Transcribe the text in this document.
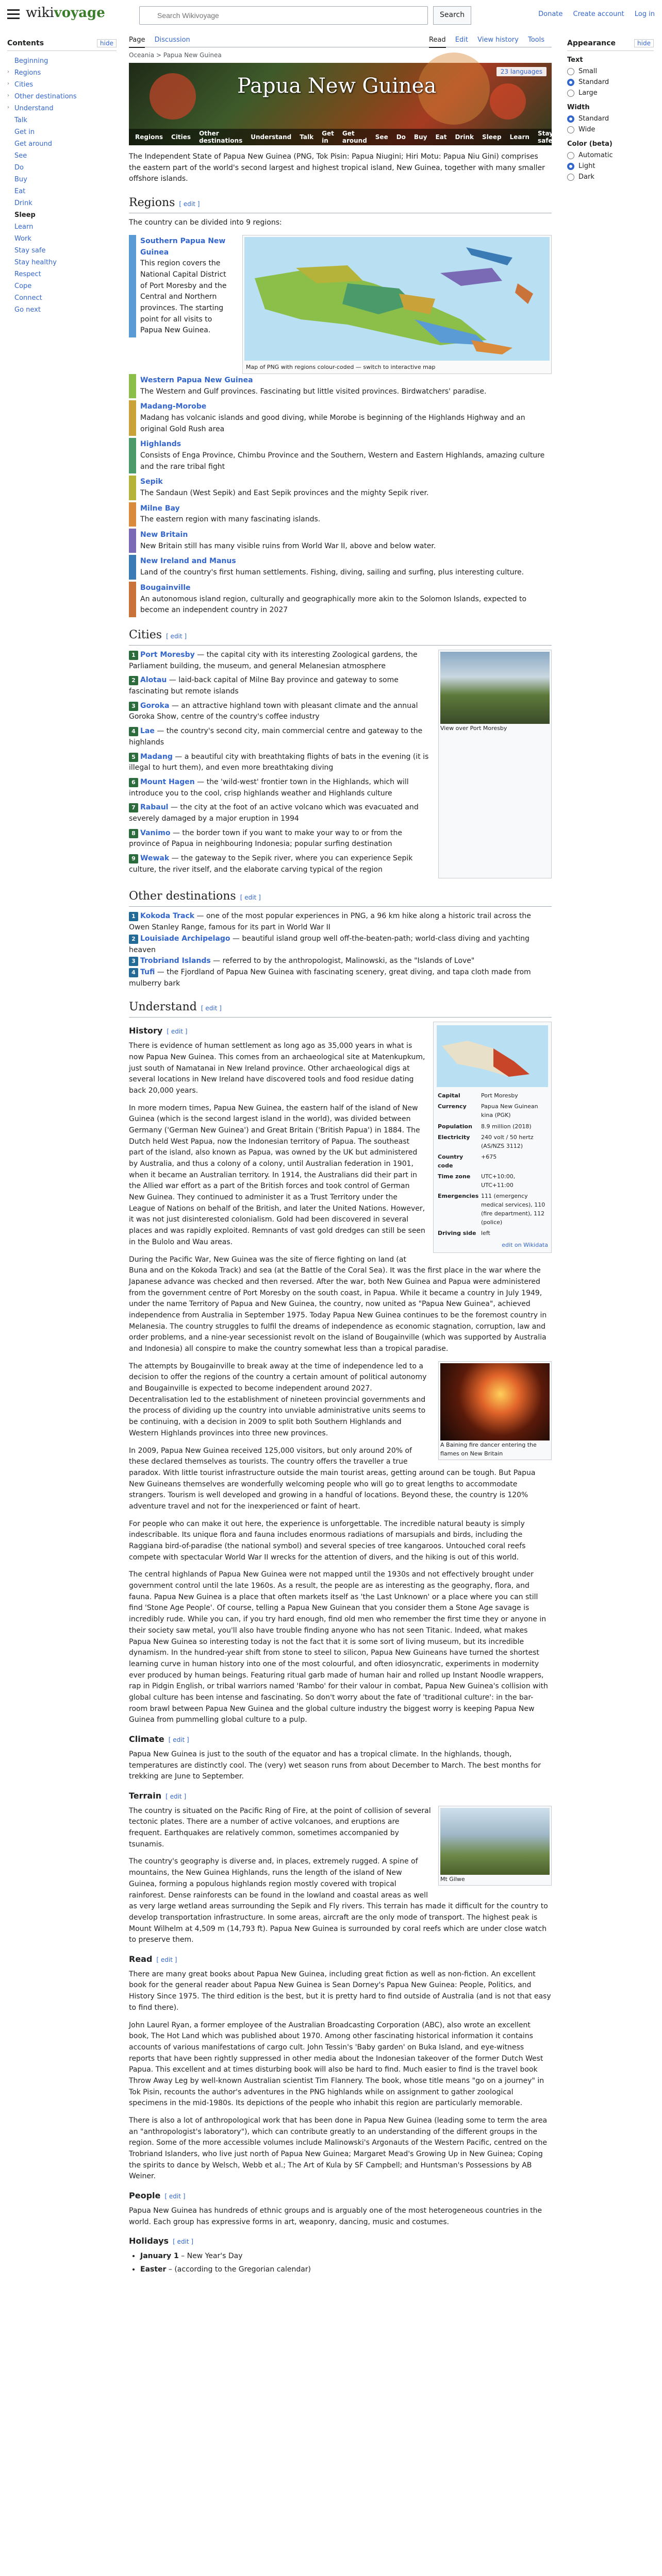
wikivoyage
Search Wikivoyage	Search	Donate Create account Log in
Contents	hide
Beginning
› Regions
› Cities
› Other destinations
› Understand
Talk
Get in
Get around
See
Do
Buy
Eat
Drink
Sleep
Learn
Work
Stay safe
Stay healthy
Respect
Cope
Connect
Go next
Appearance	hide
Text
Small
Standard
Large
Width
Standard
Wide
Color (beta)
Automatic
Light
Dark
Page Discussion	Read Edit View history Tools
Oceania > Papua New Guinea
Papua New Guinea
23 languages
Regions Cities Other destinations Understand Talk Get in
Get around See Do Buy Eat Drink Sleep Learn Stay safe Connect

The Independent State of Papua New Guinea (PNG, Tok Pisin: Papua Niugini; Hiri Motu: Papua Niu Gini) comprises the eastern part of the world's second largest and highest tropical island, New Guinea, together with many smaller offshore islands.

Regions [ edit ]

The country can be divided into 9 regions:

Southern Papua New Guinea
This region covers the National Capital District of Port Moresby and the Central and Northern provinces. The starting point for all visits to Papua New Guinea.
Map of PNG with regions colour-coded — switch to interactive map
Western Papua New Guinea
The Western and Gulf provinces. Fascinating but little visited provinces. Birdwatchers' paradise.
Madang-Morobe
Madang has volcanic islands and good diving, while Morobe is beginning of the Highlands Highway and an original Gold Rush area
Highlands
Consists of Enga Province, Chimbu Province and the Southern, Western and Eastern Highlands, amazing culture and the rare tribal fight
Sepik
The Sandaun (West Sepik) and East Sepik provinces and the mighty Sepik river.
Milne Bay
The eastern region with many fascinating islands.
New Britain
New Britain still has many visible ruins from World War II, above and below water.
New Ireland and Manus
Land of the country's first human settlements. Fishing, diving, sailing and surfing, plus interesting culture.
Bougainville
An autonomous island region, culturally and geographically more akin to the Solomon Islands, expected to become an independent country in 2027
Cities [ edit ]
1 Port Moresby — the capital city with its interesting Zoological gardens, the Parliament building, the museum, and general Melanesian atmosphere
2 Alotau — laid-back capital of Milne Bay province and gateway to some fascinating but remote islands
3 Goroka — an attractive highland town with pleasant climate and the annual Goroka Show, centre of the country's coffee industry
4 Lae — the country's second city, main commercial centre and gateway to the highlands
5 Madang — a beautiful city with breathtaking flights of bats in the evening (it is illegal to hurt them), and even more breathtaking diving
6 Mount Hagen — the 'wild-west' frontier town in the Highlands, which will introduce you to the cool, crisp highlands weather and Highlands culture
7 Rabaul — the city at the foot of an active volcano which was evacuated and severely damaged by a major eruption in 1994
8 Vanimo — the border town if you want to make your way to or from the province of Papua in neighbouring Indonesia; popular surfing destination
9 Wewak — the gateway to the Sepik river, where you can experience Sepik culture, the river itself, and the elaborate carving typical of the region
View over Port Moresby
Other destinations [ edit ]
1 Kokoda Track — one of the most popular experiences in PNG, a 96 km hike along a historic trail across the Owen Stanley Range, famous for its part in World War II
2 Louisiade Archipelago — beautiful island group well off-the-beaten-path; world-class diving and yachting heaven
3 Trobriand Islands — referred to by the anthropologist, Malinowski, as the "Islands of Love"
4 Tufi — the Fjordland of Papua New Guinea with fascinating scenery, great diving, and tapa cloth made from mulberry bark
Understand [ edit ]
Capital	Port Moresby
Currency	Papua New Guinean kina (PGK)
Population	8.9 million (2018)
Electricity	240 volt / 50 hertz (AS/NZS 3112)
Country code	+675
Time zone	UTC+10:00, UTC+11:00
Emergencies	111 (emergency medical services), 110 (fire department), 112 (police)
Driving side	left
edit on Wikidata
History [ edit ]

There is evidence of human settlement as long ago as 35,000 years in what is now Papua New Guinea. This comes from an archaeological site at Matenkupkum, just south of Namatanai in New Ireland province. Other archaeological digs at several locations in New Ireland have discovered tools and food residue dating back 20,000 years.

In more modern times, Papua New Guinea, the eastern half of the island of New Guinea (which is the second largest island in the world), was divided between Germany ('German New Guinea') and Great Britain ('British Papua') in 1884. The Dutch held West Papua, now the Indonesian territory of Papua. The southeast part of the island, also known as Papua, was owned by the UK but administered by Australia, and thus a colony of a colony, until Australian federation in 1901, when it became an Australian territory. In 1914, the Australians did their part in the Allied war effort as a part of the British forces and took control of German New Guinea. They continued to administer it as a Trust Territory under the League of Nations on behalf of the British, and later the United Nations. However, it was not just disinterested colonialism. Gold had been discovered in several places and was rapidly exploited. Remnants of vast gold dredges can still be seen in the Bulolo and Wau areas.

During the Pacific War, New Guinea was the site of fierce fighting on land (at Buna and on the Kokoda Track) and sea (at the Battle of the Coral Sea). It was the first place in the war where the Japanese advance was checked and then reversed. After the war, both New Guinea and Papua were administered from the government centre of Port Moresby on the south coast, in Papua. While it became a country in July 1949, under the name Territory of Papua and New Guinea, the country, now united as "Papua New Guinea", achieved independence from Australia in September 1975. Today Papua New Guinea continues to be the foremost country in Melanesia. The country struggles to fulfil the dreams of independence as economic stagnation, corruption, law and order problems, and a nine-year secessionist revolt on the island of Bougainville (which was supported by Australia and Indonesia) all conspire to make the country somewhat less than a tropical paradise.

A Baining fire dancer entering the flames on New Britain

The attempts by Bougainville to break away at the time of independence led to a decision to offer the regions of the country a certain amount of political autonomy and Bougainville is expected to become independent around 2027. Decentralisation led to the establishment of nineteen provincial governments and the process of dividing up the country into unviable administrative units seems to be continuing, with a decision in 2009 to split both Southern Highlands and Western Highlands provinces into three new provinces.

In 2009, Papua New Guinea received 125,000 visitors, but only around 20% of these declared themselves as tourists. The country offers the traveller a true paradox. With little tourist infrastructure outside the main tourist areas, getting around can be tough. But Papua New Guineans themselves are wonderfully welcoming people who will go to great lengths to accommodate strangers. Tourism is well developed and growing in a handful of locations. Beyond these, the country is 120% adventure travel and not for the inexperienced or faint of heart.

For people who can make it out here, the experience is unforgettable. The incredible natural beauty is simply indescribable. Its unique flora and fauna includes enormous radiations of marsupials and birds, including the Raggiana bird-of-paradise (the national symbol) and several species of tree kangaroos. Untouched coral reefs compete with spectacular World War II wrecks for the attention of divers, and the hiking is out of this world.

The central highlands of Papua New Guinea were not mapped until the 1930s and not effectively brought under government control until the late 1960s. As a result, the people are as interesting as the geography, flora, and fauna. Papua New Guinea is a place that often markets itself as 'the Last Unknown' or a place where you can still find 'Stone Age People'. Of course, telling a Papua New Guinean that you consider them a Stone Age savage is incredibly rude. While you can, if you try hard enough, find old men who remember the first time they or anyone in their society saw metal, you'll also have trouble finding anyone who has not seen Titanic. Indeed, what makes Papua New Guinea so interesting today is not the fact that it is some sort of living museum, but its incredible dynamism. In the hundred-year shift from stone to steel to silicon, Papua New Guineans have turned the shortest learning curve in human history into one of the most colourful, and often idiosyncratic, experiments in modernity ever produced by human beings. Featuring ritual garb made of human hair and rolled up Instant Noodle wrappers, rap in Pidgin English, or tribal warriors named 'Rambo' for their valour in combat, Papua New Guinea's collision with global culture has been intense and fascinating. So don't worry about the fate of 'traditional culture': in the bar-room brawl between Papua New Guinea and the global culture industry the biggest worry is keeping Papua New Guinea from pummelling global culture to a pulp.

Climate [ edit ]

Papua New Guinea is just to the south of the equator and has a tropical climate. In the highlands, though, temperatures are distinctly cool. The (very) wet season runs from about December to March. The best months for trekking are June to September.

Terrain [ edit ]
Mt Gilwe

The country is situated on the Pacific Ring of Fire, at the point of collision of several tectonic plates. There are a number of active volcanoes, and eruptions are frequent. Earthquakes are relatively common, sometimes accompanied by tsunamis.

The country's geography is diverse and, in places, extremely rugged. A spine of mountains, the New Guinea Highlands, runs the length of the island of New Guinea, forming a populous highlands region mostly covered with tropical rainforest. Dense rainforests can be found in the lowland and coastal areas as well as very large wetland areas surrounding the Sepik and Fly rivers. This terrain has made it difficult for the country to develop transportation infrastructure. In some areas, aircraft are the only mode of transport. The highest peak is Mount Wilhelm at 4,509 m (14,793 ft). Papua New Guinea is surrounded by coral reefs which are under close watch to preserve them.

Read [ edit ]

There are many great books about Papua New Guinea, including great fiction as well as non-fiction. An excellent book for the general reader about Papua New Guinea is Sean Dorney's Papua New Guinea: People, Politics, and History Since 1975. The third edition is the best, but it is pretty hard to find outside of Australia (and is not that easy to find there).

John Laurel Ryan, a former employee of the Australian Broadcasting Corporation (ABC), also wrote an excellent book, The Hot Land which was published about 1970. Among other fascinating historical information it contains accounts of various manifestations of cargo cult. John Tessin's 'Baby garden' on Buka Island, and eye-witness reports that have been rightly suppressed in other media about the Indonesian takeover of the former Dutch West Papua. This excellent and at times disturbing book will also be hard to find. Much easier to find is the travel book Throw Away Leg by well-known Australian scientist Tim Flannery. The book, whose title means "go on a journey" in Tok Pisin, recounts the author's adventures in the PNG highlands while on assignment to gather zoological specimens in the mid-1980s. Its depictions of the people who inhabit this region are particularly memorable.

There is also a lot of anthropological work that has been done in Papua New Guinea (leading some to term the area an "anthropologist's laboratory"), which can contribute greatly to an understanding of the different groups in the region. Some of the more accessible volumes include Malinowski's Argonauts of the Western Pacific, centred on the Trobriand Islanders, who live just north of Papua New Guinea; Margaret Mead's Growing Up in New Guinea; Coping the spirits to dance by Welsch, Webb et al.; The Art of Kula by SF Campbell; and Huntsman's Possessions by AB Weiner.

People [ edit ]

Papua New Guinea has hundreds of ethnic groups and is arguably one of the most heterogeneous countries in the world. Each group has expressive forms in art, weaponry, dancing, music and costumes.

Holidays [ edit ]
• January 1 – New Year's Day
• Easter – (according to the Gregorian calendar)
